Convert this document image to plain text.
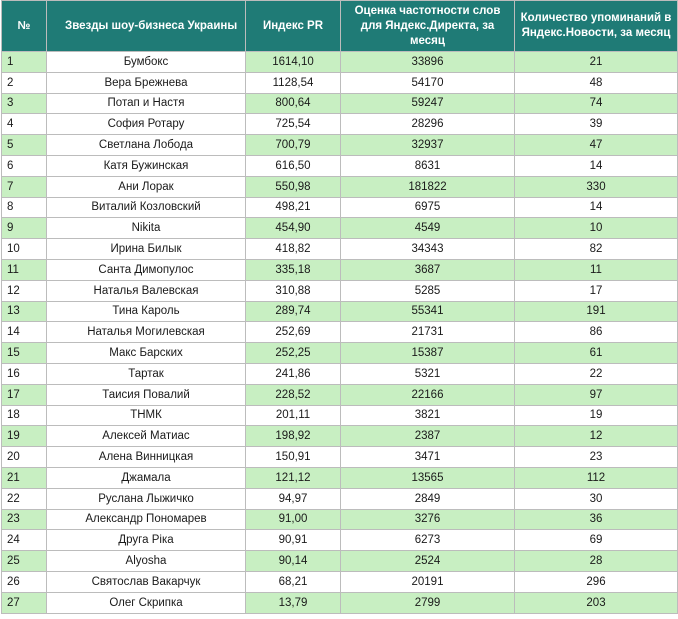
№	Звезды шоу-бизнеса Украины	Индекс PR	Оценка частотности слов для Яндекс.Директа, за месяц	Количество упоминаний в Яндекс.Новости, за месяц
1	Бумбокс	1614,10	33896	21
2	Вера Брежнева	1128,54	54170	48
3	Потап и Настя	800,64	59247	74
4	София Ротару	725,54	28296	39
5	Светлана Лобода	700,79	32937	47
6	Катя Бужинская	616,50	8631	14
7	Ани Лорак	550,98	181822	330
8	Виталий Козловский	498,21	6975	14
9	Nikita	454,90	4549	10
10	Ирина Билык	418,82	34343	82
11	Санта Димопулос	335,18	3687	11
12	Наталья Валевская	310,88	5285	17
13	Тина Кароль	289,74	55341	191
14	Наталья Могилевская	252,69	21731	86
15	Макс Барских	252,25	15387	61
16	Тартак	241,86	5321	22
17	Таисия Повалий	228,52	22166	97
18	ТНМК	201,11	3821	19
19	Алексей Матиас	198,92	2387	12
20	Алена Винницкая	150,91	3471	23
21	Джамала	121,12	13565	112
22	Руслана Лыжичко	94,97	2849	30
23	Александр Пономарев	91,00	3276	36
24	Друга Ріка	90,91	6273	69
25	Alyosha	90,14	2524	28
26	Святослав Вакарчук	68,21	20191	296
27	Олег Скрипка	13,79	2799	203
